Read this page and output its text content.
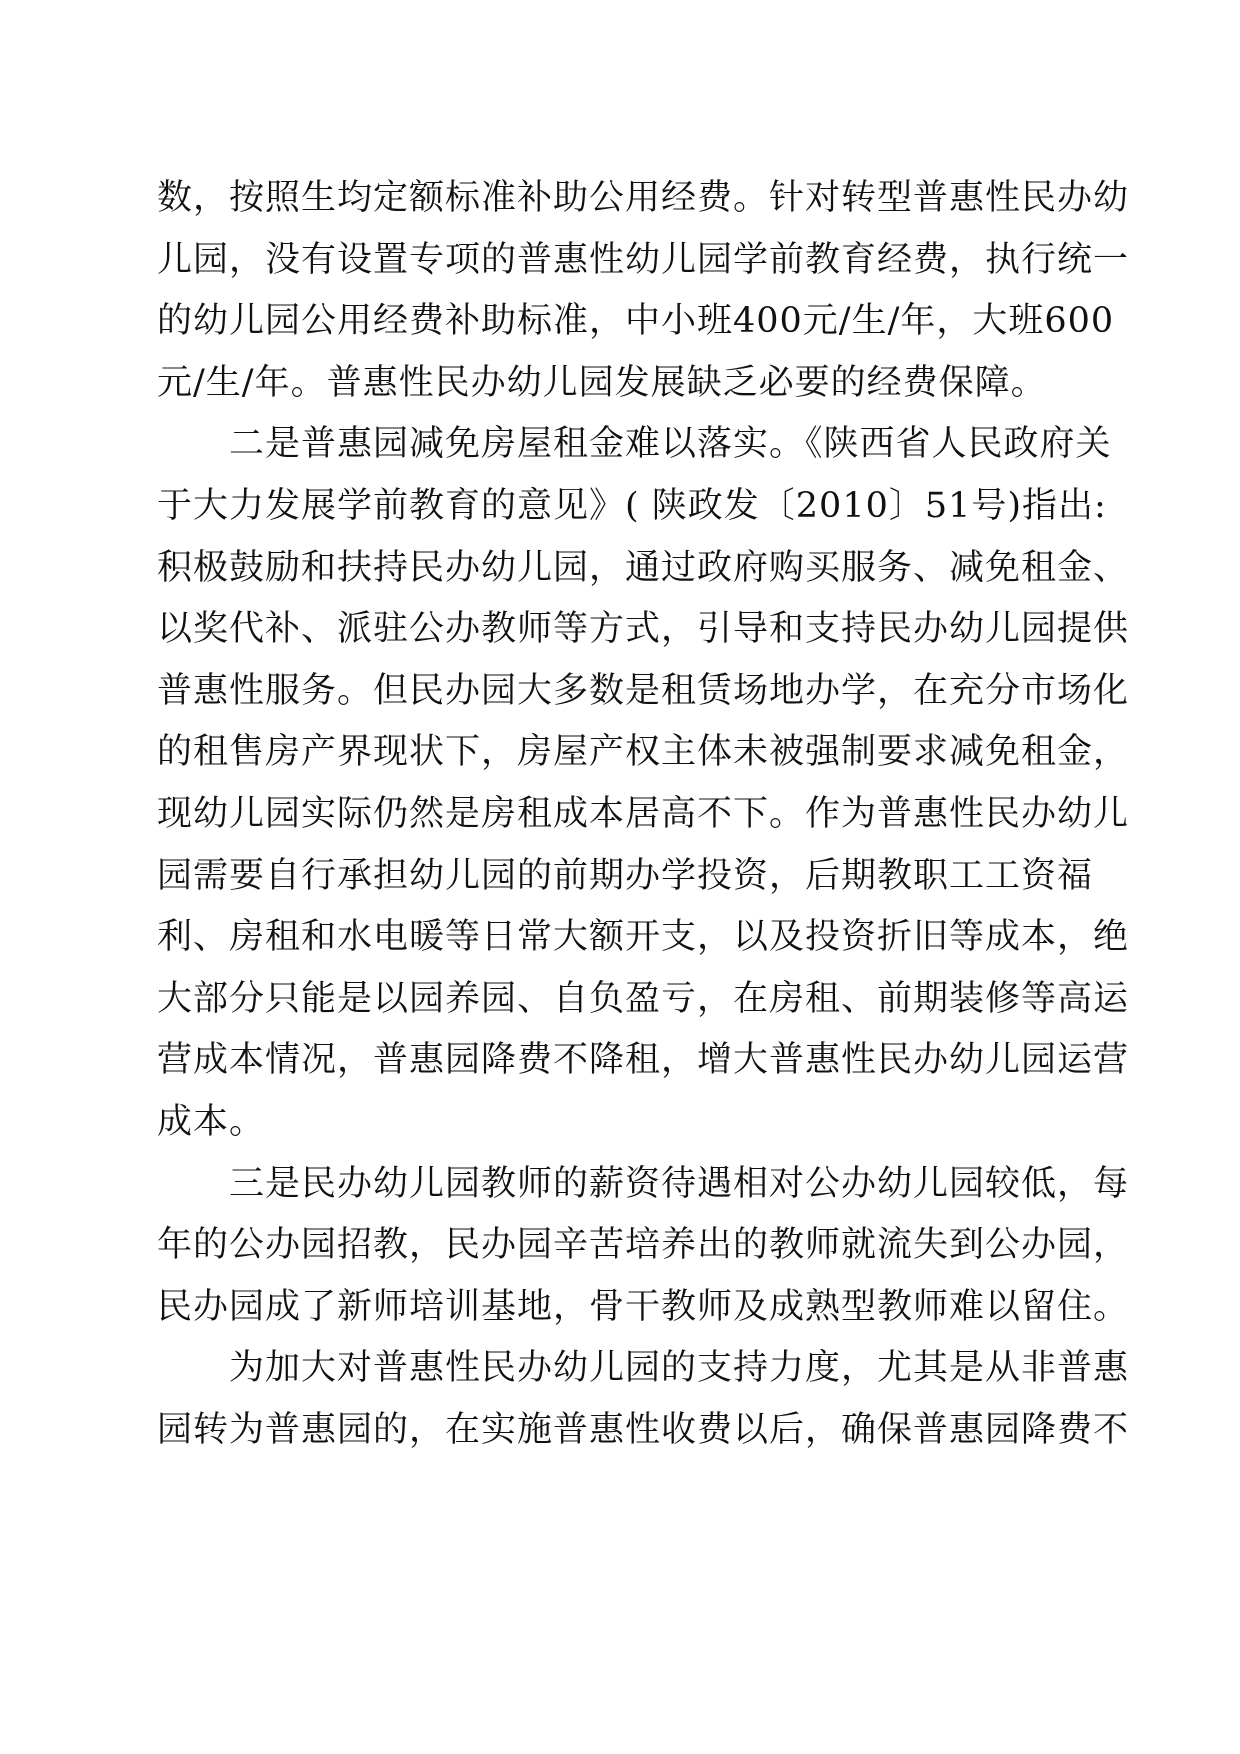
数，按照生均定额标准补助公用经费。针对转型普惠性民办幼
儿园，没有设置专项的普惠性幼儿园学前教育经费，执行统一
的幼儿园公用经费补助标准，中小班400元/生/年，大班600
元/生/年。普惠性民办幼儿园发展缺乏必要的经费保障。
　　二是普惠园减免房屋租金难以落实。《陕西省人民政府关
于大力发展学前教育的意见》( 陕政发〔2010〕51号)指出:
积极鼓励和扶持民办幼儿园，通过政府购买服务、减免租金、
以奖代补、派驻公办教师等方式，引导和支持民办幼儿园提供
普惠性服务。但民办园大多数是租赁场地办学，在充分市场化
的租售房产界现状下，房屋产权主体未被强制要求减免租金，
现幼儿园实际仍然是房租成本居高不下。作为普惠性民办幼儿
园需要自行承担幼儿园的前期办学投资，后期教职工工资福
利、房租和水电暖等日常大额开支，以及投资折旧等成本，绝
大部分只能是以园养园、自负盈亏，在房租、前期装修等高运
营成本情况，普惠园降费不降租，增大普惠性民办幼儿园运营
成本。
　　三是民办幼儿园教师的薪资待遇相对公办幼儿园较低，每
年的公办园招教，民办园辛苦培养出的教师就流失到公办园，
民办园成了新师培训基地，骨干教师及成熟型教师难以留住。
　　为加大对普惠性民办幼儿园的支持力度，尤其是从非普惠
园转为普惠园的，在实施普惠性收费以后，确保普惠园降费不
